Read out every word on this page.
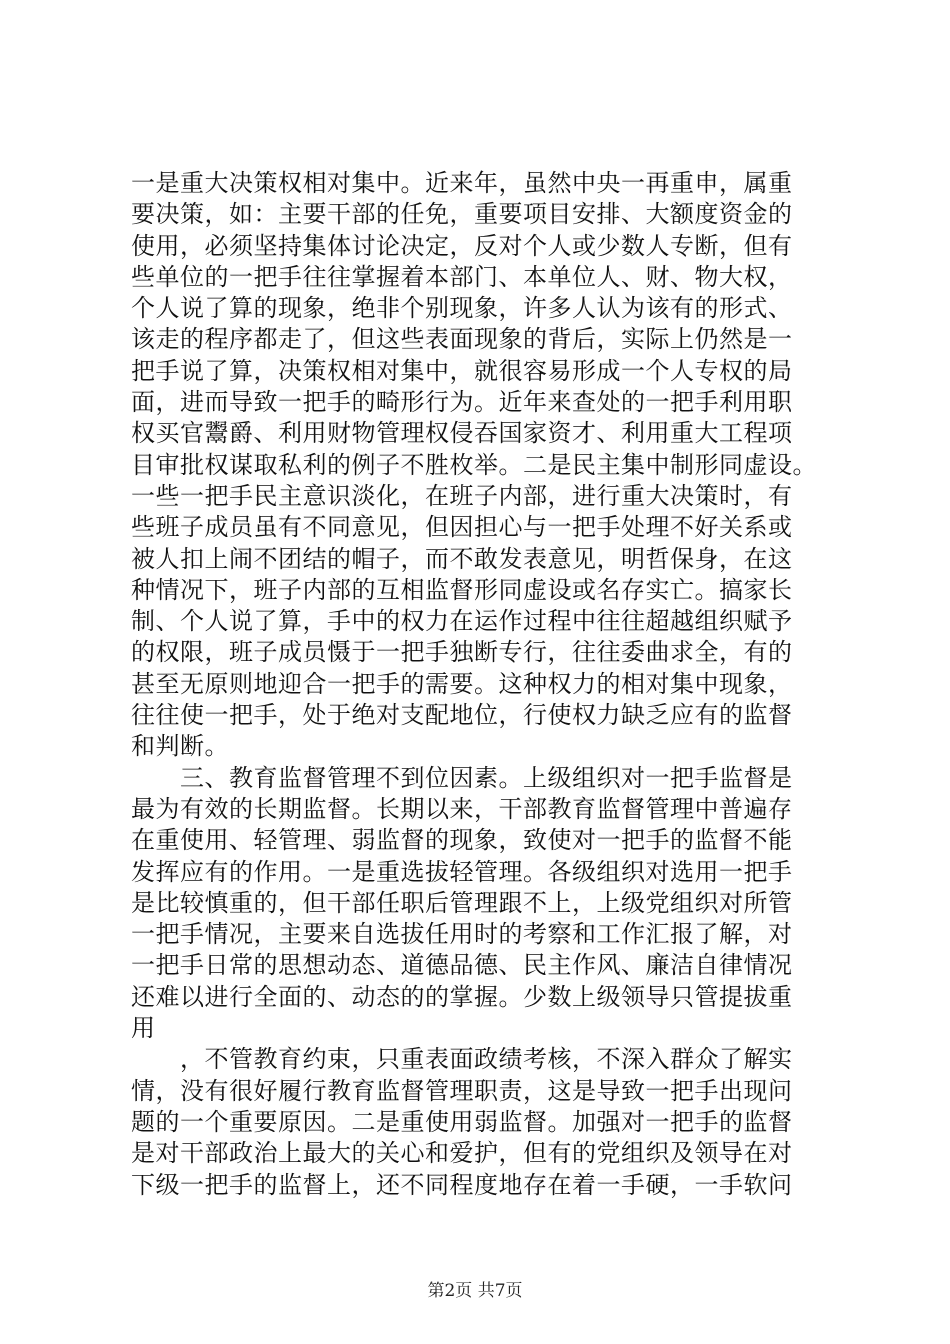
一是重大决策权相对集中。近来年，虽然中央一再重申，属重
要决策，如：主要干部的任免，重要项目安排、大额度资金的
使用，必须坚持集体讨论决定，反对个人或少数人专断，但有
些单位的一把手往往掌握着本部门、本单位人、财、物大权，
个人说了算的现象，绝非个别现象，许多人认为该有的形式、
该走的程序都走了，但这些表面现象的背后，实际上仍然是一
把手说了算，决策权相对集中，就很容易形成一个人专权的局
面，进而导致一把手的畸形行为。近年来查处的一把手利用职
权买官鬻爵、利用财物管理权侵吞国家资才、利用重大工程项
目审批权谋取私利的例子不胜枚举。二是民主集中制形同虚设。
一些一把手民主意识淡化，在班子内部，进行重大决策时，有
些班子成员虽有不同意见，但因担心与一把手处理不好关系或
被人扣上闹不团结的帽子，而不敢发表意见，明哲保身，在这
种情况下，班子内部的互相监督形同虚设或名存实亡。搞家长
制、个人说了算，手中的权力在运作过程中往往超越组织赋予
的权限，班子成员慑于一把手独断专行，往往委曲求全，有的
甚至无原则地迎合一把手的需要。这种权力的相对集中现象，
往往使一把手，处于绝对支配地位，行使权力缺乏应有的监督
和判断。
　　三、教育监督管理不到位因素。上级组织对一把手监督是
最为有效的长期监督。长期以来，干部教育监督管理中普遍存
在重使用、轻管理、弱监督的现象，致使对一把手的监督不能
发挥应有的作用。一是重选拔轻管理。各级组织对选用一把手
是比较慎重的，但干部任职后管理跟不上，上级党组织对所管
一把手情况，主要来自选拔任用时的考察和工作汇报了解，对
一把手日常的思想动态、道德品德、民主作风、廉洁自律情况
还难以进行全面的、动态的的掌握。少数上级领导只管提拔重
用
　　，不管教育约束，只重表面政绩考核，不深入群众了解实
情，没有很好履行教育监督管理职责，这是导致一把手出现问
题的一个重要原因。二是重使用弱监督。加强对一把手的监督
是对干部政治上最大的关心和爱护，但有的党组织及领导在对
下级一把手的监督上，还不同程度地存在着一手硬，一手软问
第2页 共7页
